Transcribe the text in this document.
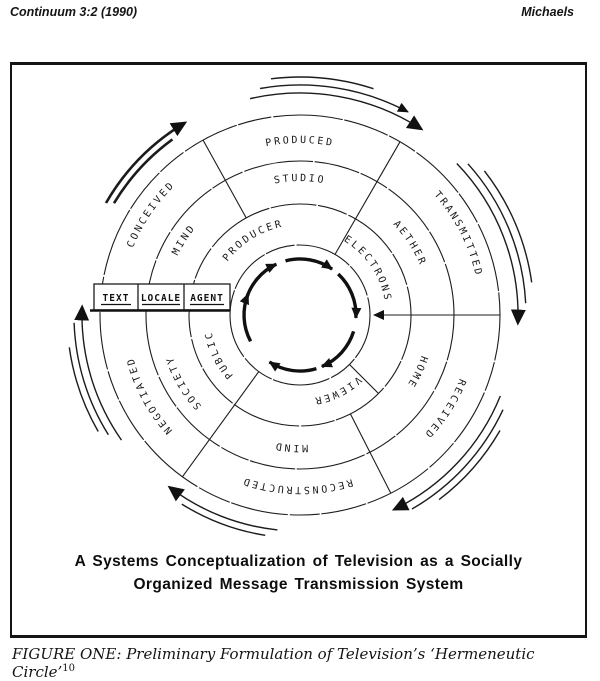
Continuum 3:2 (1990)	Michaels
PRODUCED
CONCEIVED
TRANSMITTED
RECEIVED
RECONSTRUCTED
NEGOTIATED
STUDIO
MIND	AETHER
HOME
MIND
SOCIETY
PRODUCER
ELECTRONS
VIEWER
PUBLIC
TEXT LOCALE AGENT
A Systems Conceptualization of Television as a Socially
Organized Message Transmission System
FIGURE ONE: Preliminary Formulation of Television’s ‘Hermeneutic Circle’$^{10}$
